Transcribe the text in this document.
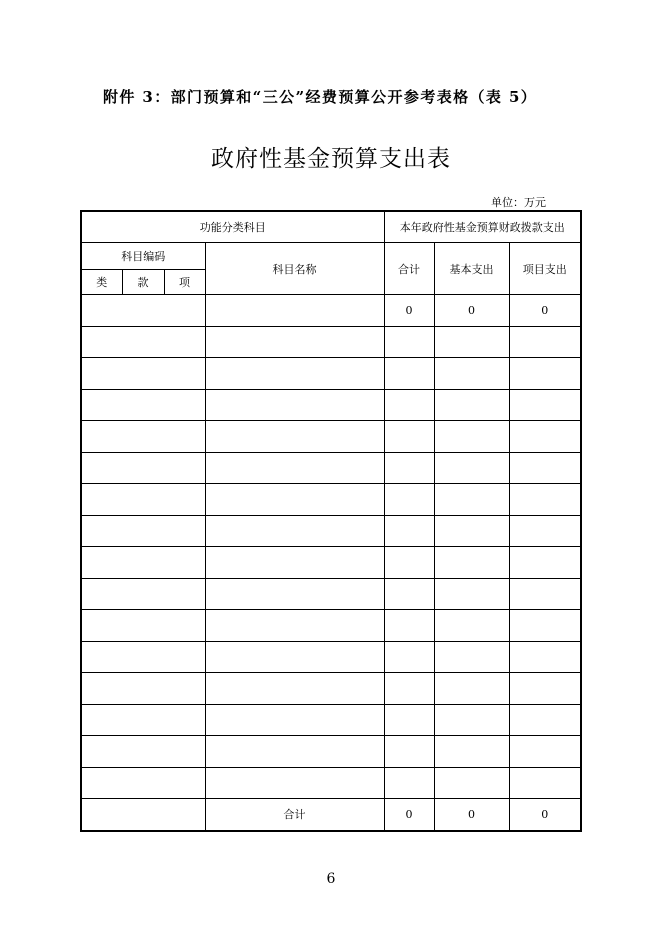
附件 3：部门预算和“三公”经费预算公开参考表格（表 5）
政府性基金预算支出表
单位：万元
功能分类科目				本年政府性基金预算财政拨款支出		
科目编码			科目名称	合计	基本支出	项目支出
类	款	项				
				0	0	0

			合计	0	0	0
6
